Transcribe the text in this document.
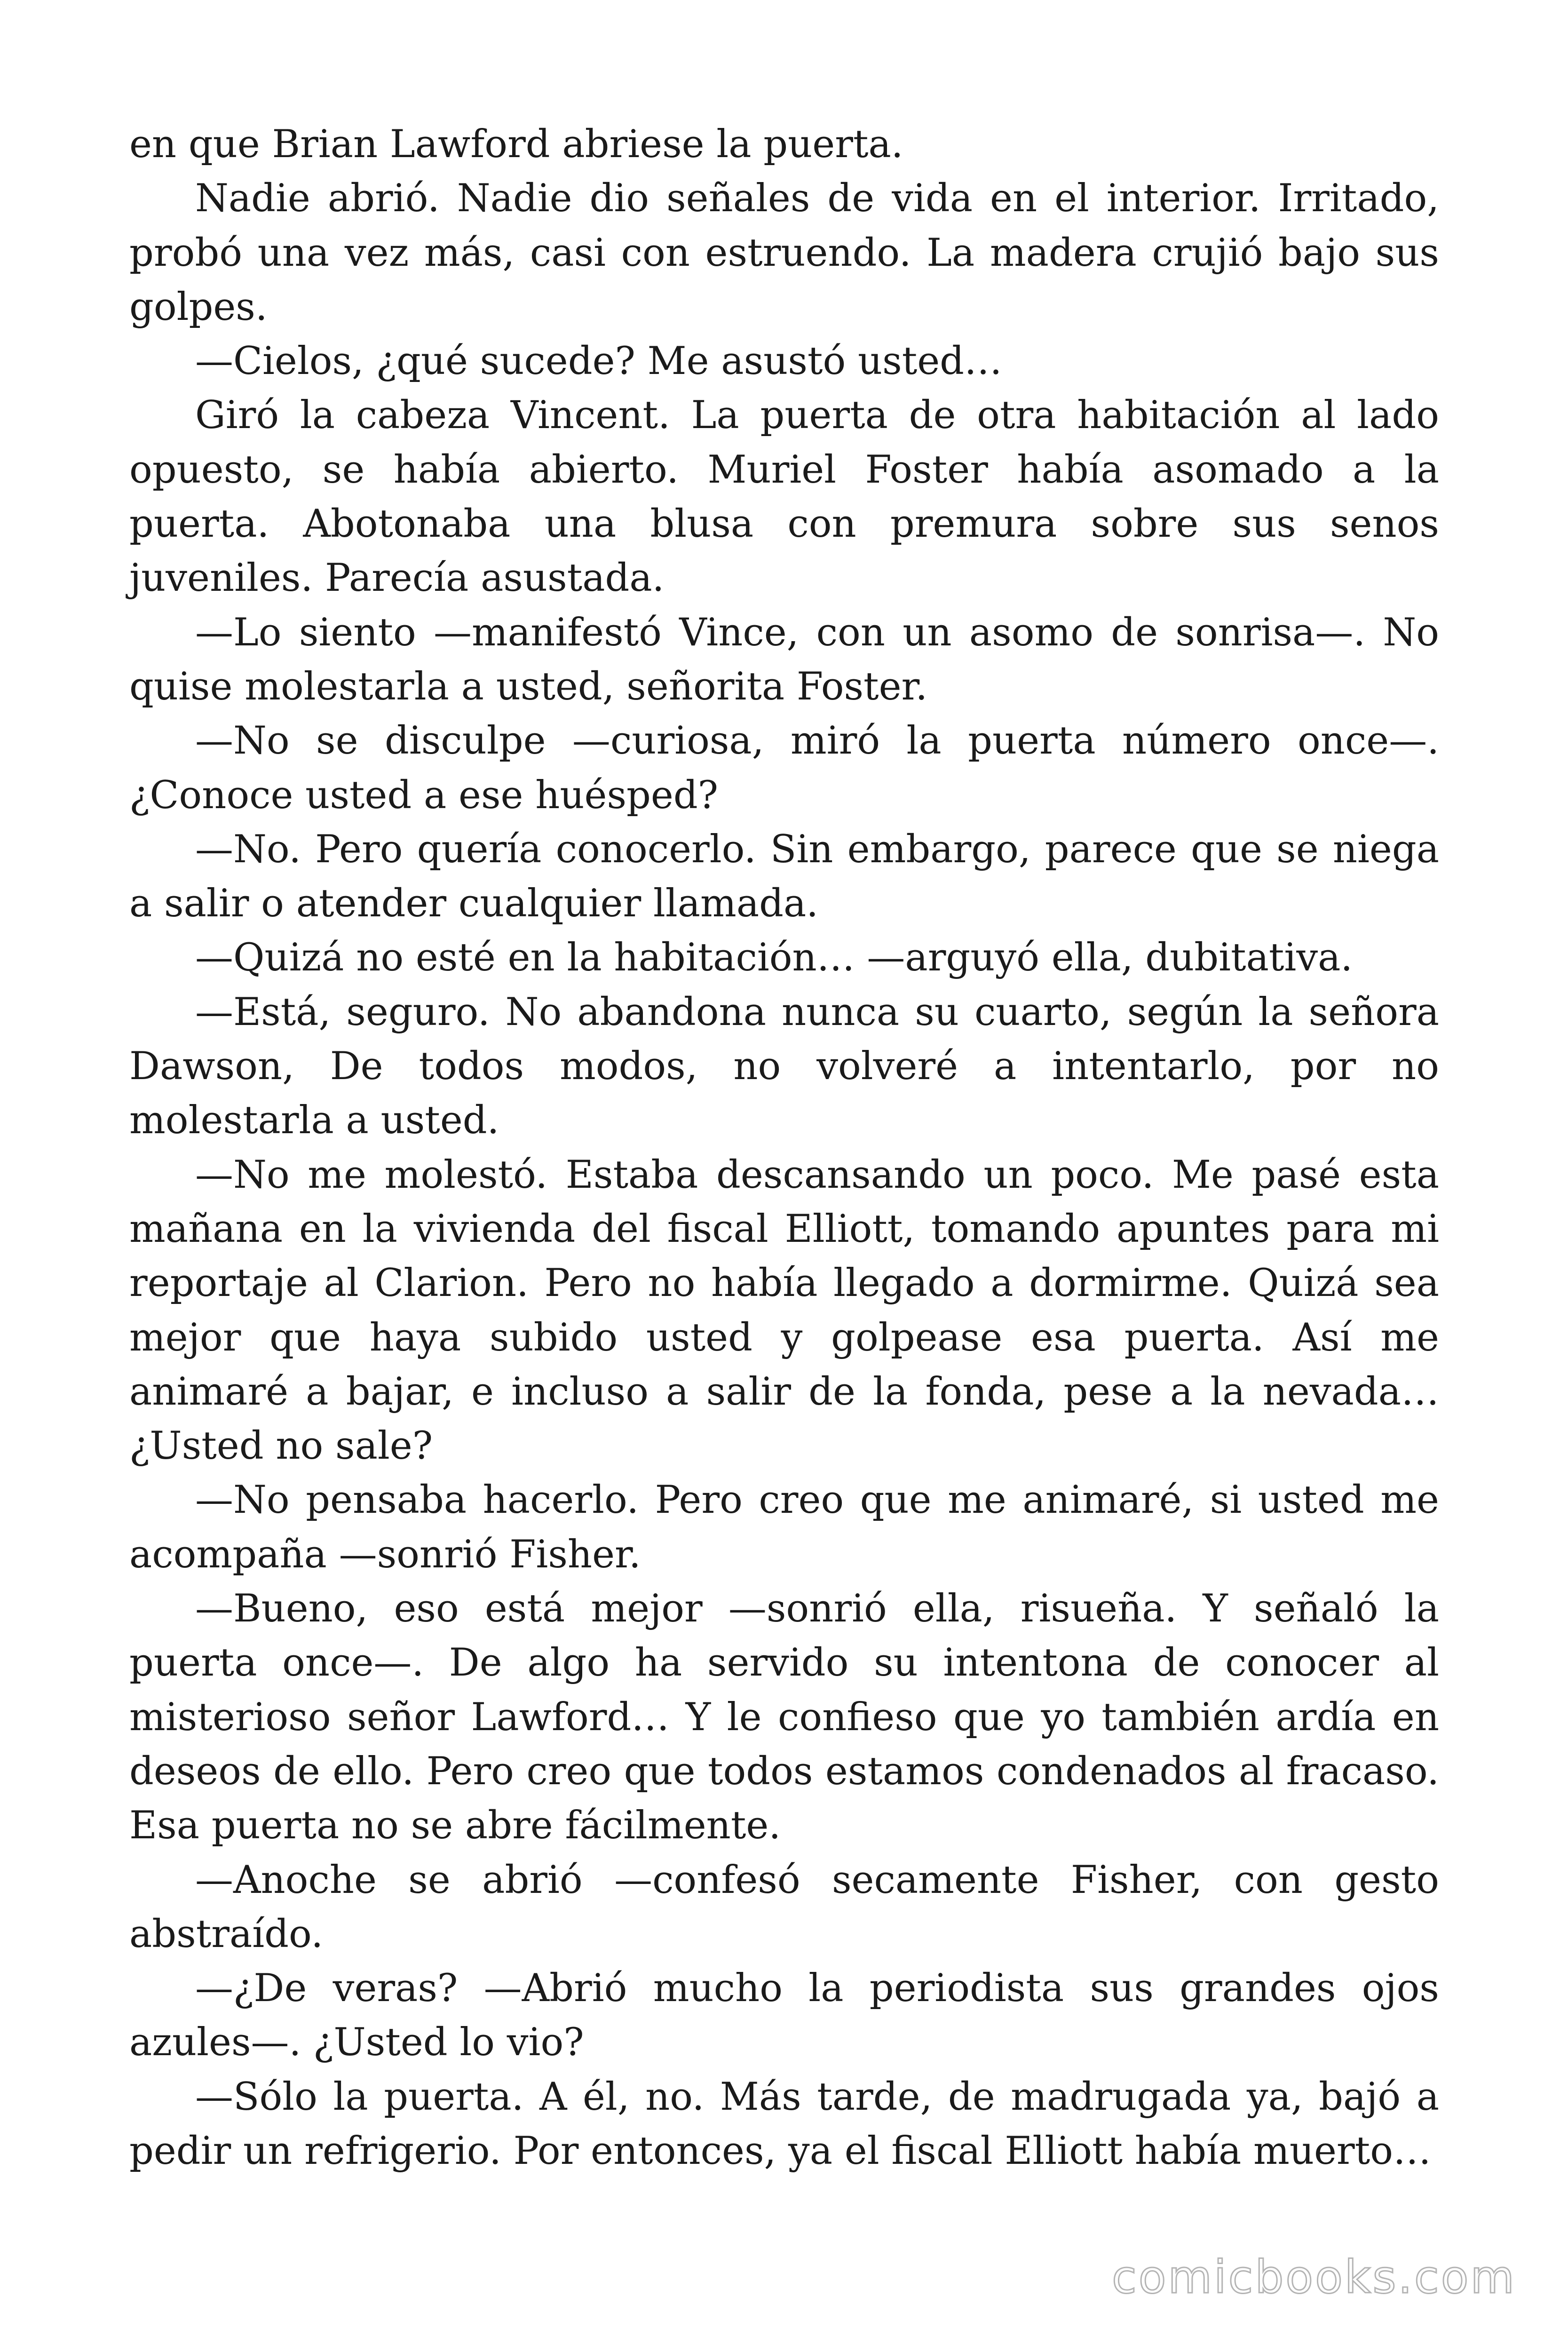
en que Brian Lawford abriese la puerta.

Nadie abrió. Nadie dio señales de vida en el interior. Irritado, probó una vez más, casi con estruendo. La madera crujió bajo sus golpes.

—Cielos, ¿qué sucede? Me asustó usted…

Giró la cabeza Vincent. La puerta de otra habitación al lado opuesto, se había abierto. Muriel Foster había asomado a la puerta. Abotonaba una blusa con premura sobre sus senos juveniles. Parecía asustada.

—Lo siento —manifestó Vince, con un asomo de sonrisa—. No quise molestarla a usted, señorita Foster.

—No se disculpe —curiosa, miró la puerta número once—. ¿Conoce usted a ese huésped?

—No. Pero quería conocerlo. Sin embargo, parece que se niega a salir o atender cualquier llamada.

—Quizá no esté en la habitación… —arguyó ella, dubitativa.

—Está, seguro. No abandona nunca su cuarto, según la señora Dawson, De todos modos, no volveré a intentarlo, por no molestarla a usted.

—No me molestó. Estaba descansando un poco. Me pasé esta mañana en la vivienda del fiscal Elliott, tomando apuntes para mi reportaje al Clarion. Pero no había llegado a dormirme. Quizá sea mejor que haya subido usted y golpease esa puerta. Así me animaré a bajar, e incluso a salir de la fonda, pese a la nevada… ¿Usted no sale?

—No pensaba hacerlo. Pero creo que me animaré, si usted me acompaña —sonrió Fisher.

—Bueno, eso está mejor —sonrió ella, risueña. Y señaló la puerta once—. De algo ha servido su intentona de conocer al misterioso señor Lawford… Y le confieso que yo también ardía en deseos de ello. Pero creo que todos estamos condenados al fracaso. Esa puerta no se abre fácilmente.

—Anoche se abrió —confesó secamente Fisher, con gesto abstraído.

—¿De veras? —Abrió mucho la periodista sus grandes ojos azules—. ¿Usted lo vio?

—Sólo la puerta. A él, no. Más tarde, de madrugada ya, bajó a pedir un refrigerio. Por entonces, ya el fiscal Elliott había muerto…

comicbooks.com
